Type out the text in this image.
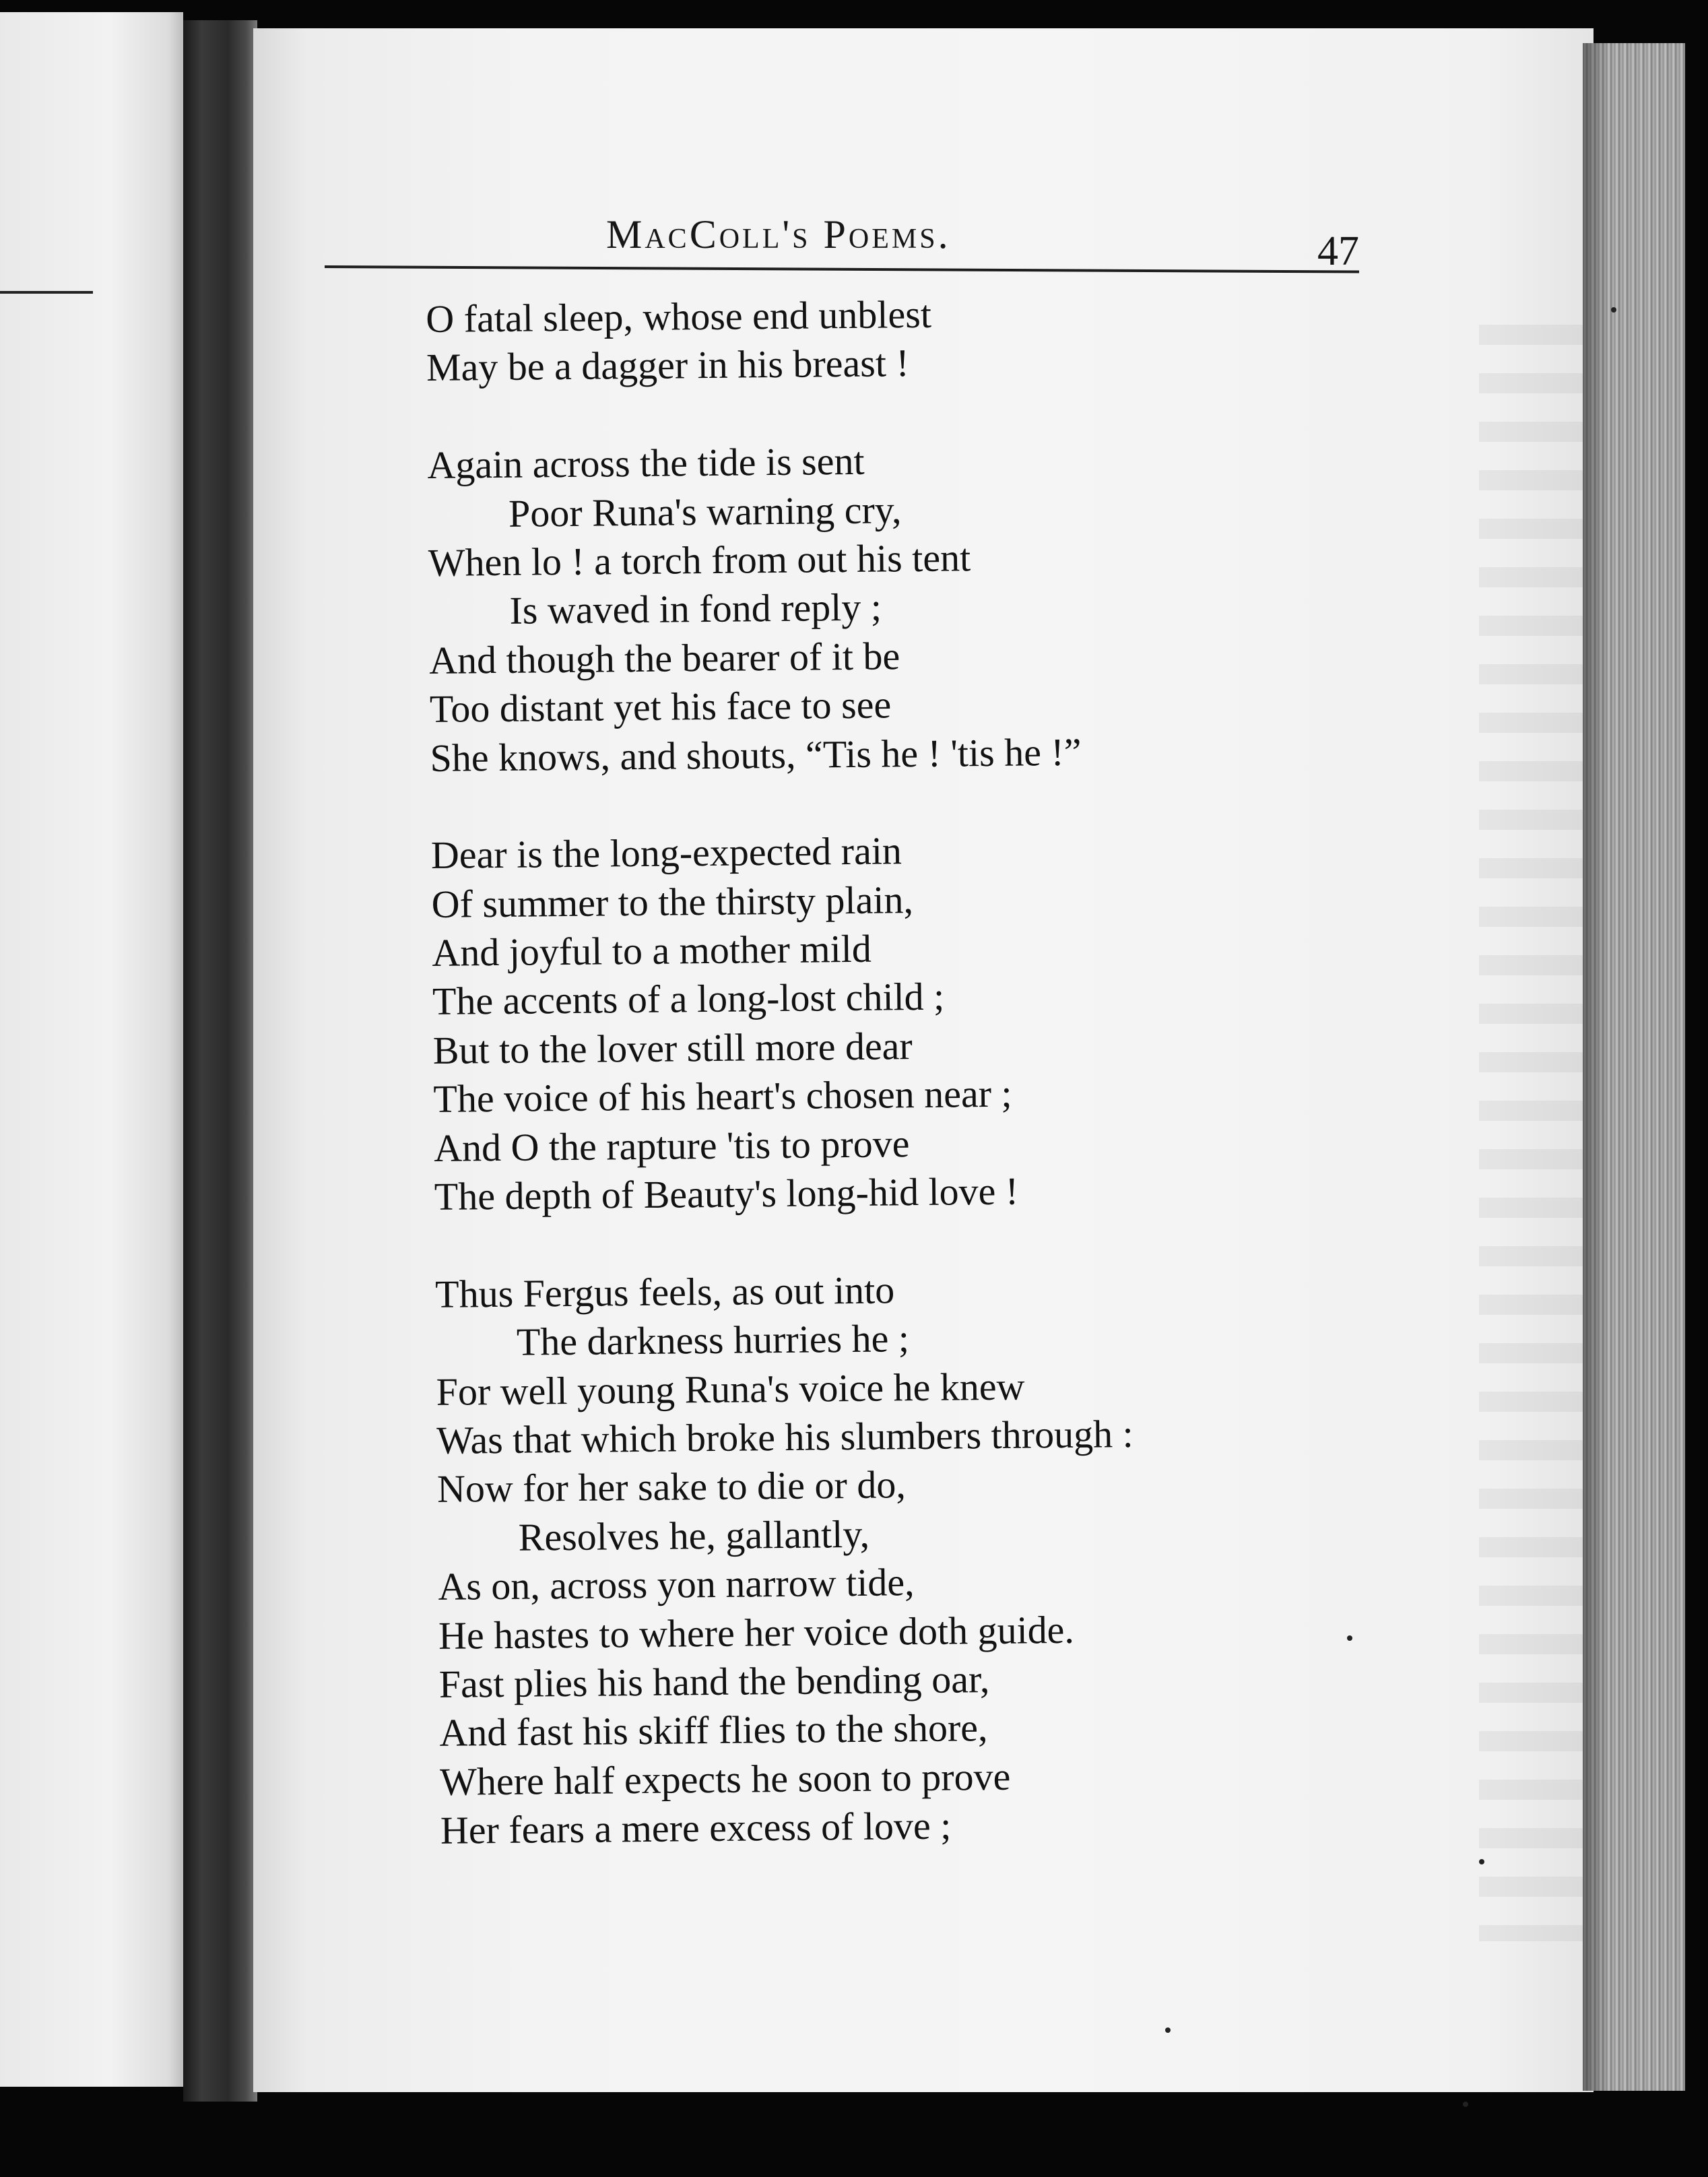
MacColl's Poems.	47
O fatal sleep, whose end unblest
May be a dagger in his breast !
Again across the tide is sent
Poor Runa's warning cry,
When lo ! a torch from out his tent
Is waved in fond reply ;
And though the bearer of it be
Too distant yet his face to see
She knows, and shouts, “Tis he ! 'tis he !”
Dear is the long-expected rain
Of summer to the thirsty plain,
And joyful to a mother mild
The accents of a long-lost child ;
But to the lover still more dear
The voice of his heart's chosen near ;
And O the rapture 'tis to prove
The depth of Beauty's long-hid love !
Thus Fergus feels, as out into
The darkness hurries he ;
For well young Runa's voice he knew
Was that which broke his slumbers through :
Now for her sake to die or do,
Resolves he, gallantly,
As on, across yon narrow tide,
He hastes to where her voice doth guide.
Fast plies his hand the bending oar,
And fast his skiff flies to the shore,
Where half expects he soon to prove
Her fears a mere excess of love ;
